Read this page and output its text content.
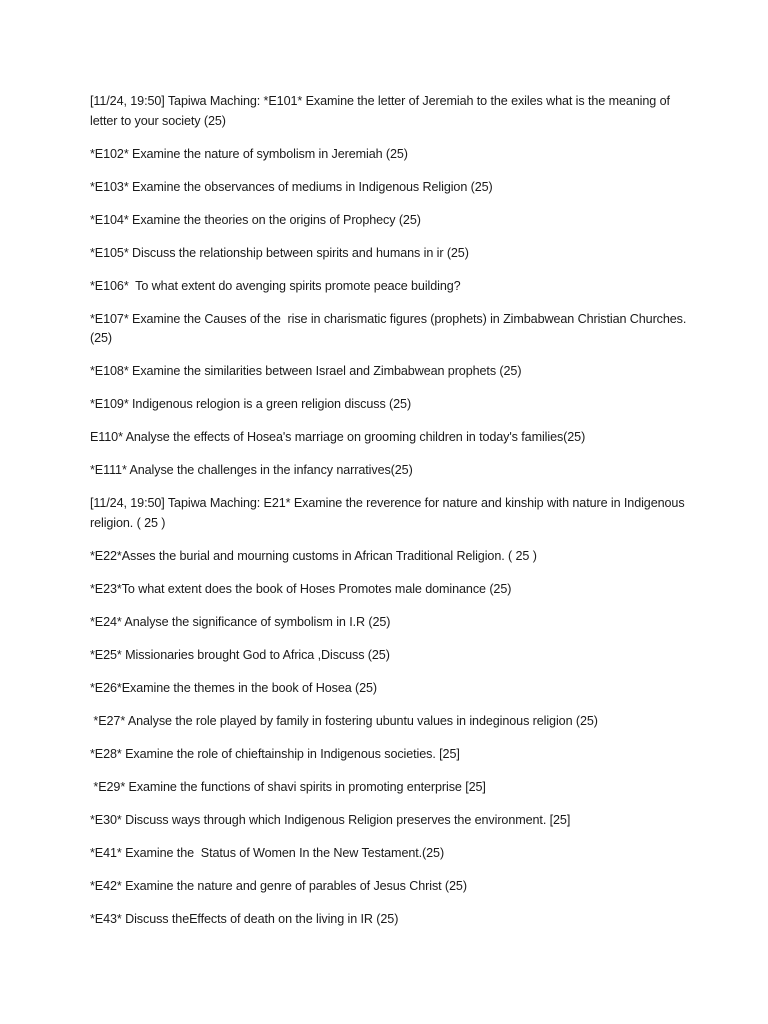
[11/24, 19:50] Tapiwa Maching: *E101* Examine the letter of Jeremiah to the exiles what is the meaning of letter to your society (25)

*E102* Examine the nature of symbolism in Jeremiah (25)

*E103* Examine the observances of mediums in Indigenous Religion (25)

*E104* Examine the theories on the origins of Prophecy (25)

*E105* Discuss the relationship between spirits and humans in ir (25)

*E106*  To what extent do avenging spirits promote peace building?

*E107* Examine the Causes of the  rise in charismatic figures (prophets) in Zimbabwean Christian Churches.(25)

*E108* Examine the similarities between Israel and Zimbabwean prophets (25)

*E109* Indigenous relogion is a green religion discuss (25)

E110* Analyse the effects of Hosea's marriage on grooming children in today's families(25)

*E111* Analyse the challenges in the infancy narratives(25)

[11/24, 19:50] Tapiwa Maching: E21* Examine the reverence for nature and kinship with nature in Indigenous religion. ( 25 )

*E22*Asses the burial and mourning customs in African Traditional Religion. ( 25 )

*E23*To what extent does the book of Hoses Promotes male dominance (25)

*E24* Analyse the significance of symbolism in I.R (25)

*E25* Missionaries brought God to Africa ,Discuss (25)

*E26*Examine the themes in the book of Hosea (25)

*E27* Analyse the role played by family in fostering ubuntu values in indeginous religion (25)

*E28* Examine the role of chieftainship in Indigenous societies. [25]

*E29* Examine the functions of shavi spirits in promoting enterprise [25]

*E30* Discuss ways through which Indigenous Religion preserves the environment. [25]

*E41* Examine the  Status of Women In the New Testament.(25)

*E42* Examine the nature and genre of parables of Jesus Christ (25)

*E43* Discuss theEffects of death on the living in IR (25)
